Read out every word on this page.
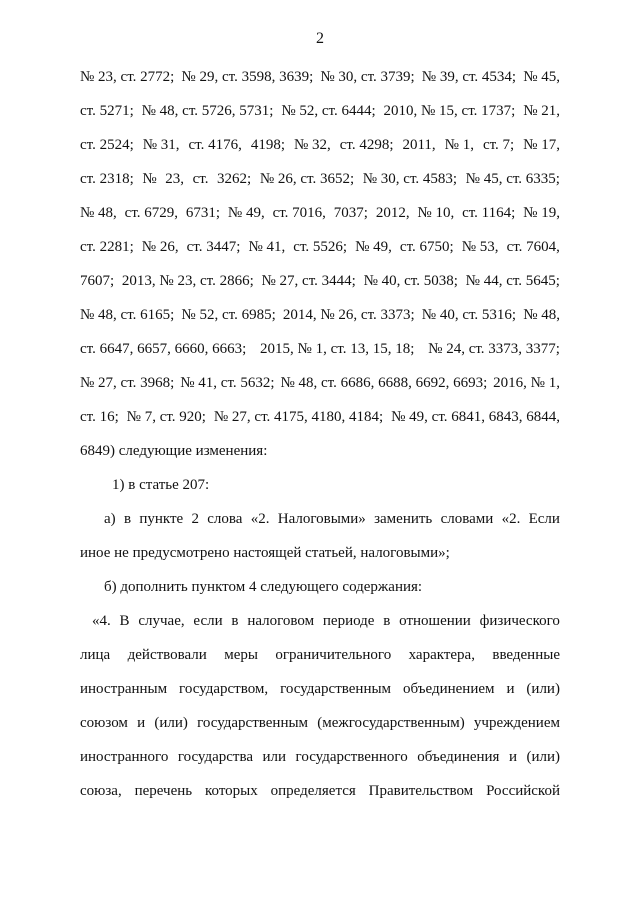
2
№ 23, ст. 2772; № 29, ст. 3598, 3639; № 30, ст. 3739; № 39, ст. 4534; № 45,
ст. 5271; № 48, ст. 5726, 5731; № 52, ст. 6444; 2010, № 15, ст. 1737; № 21,
ст. 2524; № 31, ст. 4176, 4198; № 32, ст. 4298; 2011, № 1, ст. 7; № 17,
ст. 2318; № 23, ст. 3262; № 26, ст. 3652; № 30, ст. 4583; № 45, ст. 6335;
№ 48, ст. 6729, 6731; № 49, ст. 7016, 7037; 2012, № 10, ст. 1164; № 19,
ст. 2281; № 26, ст. 3447; № 41, ст. 5526; № 49, ст. 6750; № 53, ст. 7604,
7607; 2013, № 23, ст. 2866; № 27, ст. 3444; № 40, ст. 5038; № 44, ст. 5645;
№ 48, ст. 6165; № 52, ст. 6985; 2014, № 26, ст. 3373; № 40, ст. 5316; № 48,
ст. 6647, 6657, 6660, 6663; 2015, № 1, ст. 13, 15, 18; № 24, ст. 3373, 3377;
№ 27, ст. 3968; № 41, ст. 5632; № 48, ст. 6686, 6688, 6692, 6693; 2016, № 1,
ст. 16; № 7, ст. 920; № 27, ст. 4175, 4180, 4184; № 49, ст. 6841, 6843, 6844,
6849) следующие изменения:
1) в статье 207:
а) в пункте 2 слова «2. Налоговыми» заменить словами «2. Если
иное не предусмотрено настоящей статьей, налоговыми»;
б) дополнить пунктом 4 следующего содержания:
«4. В случае, если в налоговом периоде в отношении физического
лица действовали меры ограничительного характера, введенные
иностранным государством, государственным объединением и (или)
союзом и (или) государственным (межгосударственным) учреждением
иностранного государства или государственного объединения и (или)
союза, перечень которых определяется Правительством Российской
